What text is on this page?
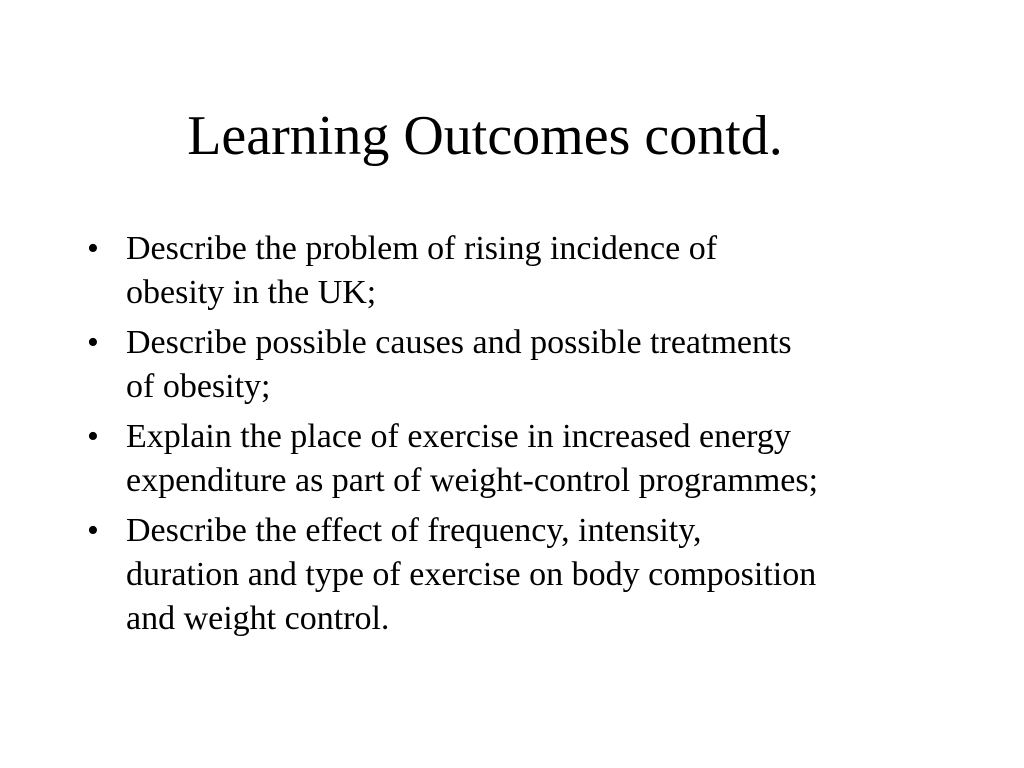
Learning Outcomes contd.
• Describe the problem of rising incidence of
obesity in the UK;
• Describe possible causes and possible treatments
of obesity;
• Explain the place of exercise in increased energy
expenditure as part of weight-control programmes;
• Describe the effect of frequency, intensity,
duration and type of exercise on body composition
and weight control.
